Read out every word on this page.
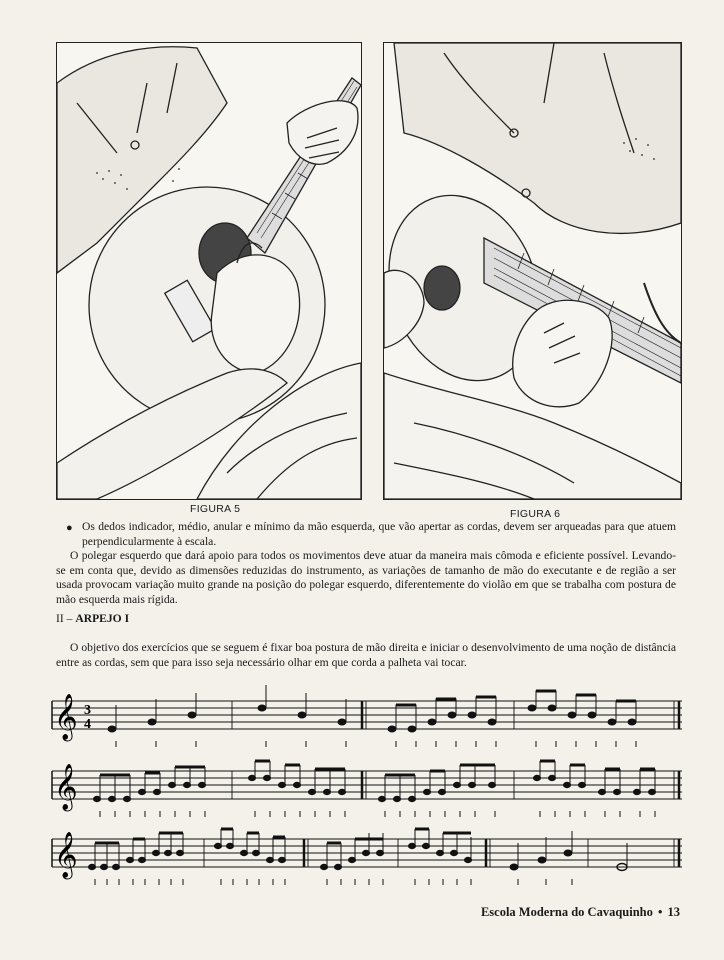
FIGURA 5	FIGURA 6
● Os dedos indicador, médio, anular e mínimo da mão esquerda, que vão apertar as cordas, devem ser arqueadas para que atuem perpendicularmente à escala.
O polegar esquerdo que dará apoio para todos os movimentos deve atuar da maneira mais cômoda e eficiente possível. Levando-se em conta que, devido as dimensões reduzidas do instrumento, as variações de tamanho de mão do executante e de região a ser usada provocam variação muito grande na posição do polegar esquerdo, diferentemente do violão em que se trabalha com postura de mão esquerda mais rígida.
II – ARPEJO I
O objetivo dos exercícios que se seguem é fixar boa postura de mão direita e iniciar o desenvolvimento de uma noção de distância entre as cordas, sem que para isso seja necessário olhar em que corda a palheta vai tocar.
𝄞 3
4
𝄞
𝄞
Escola Moderna do Cavaquinho • 13
